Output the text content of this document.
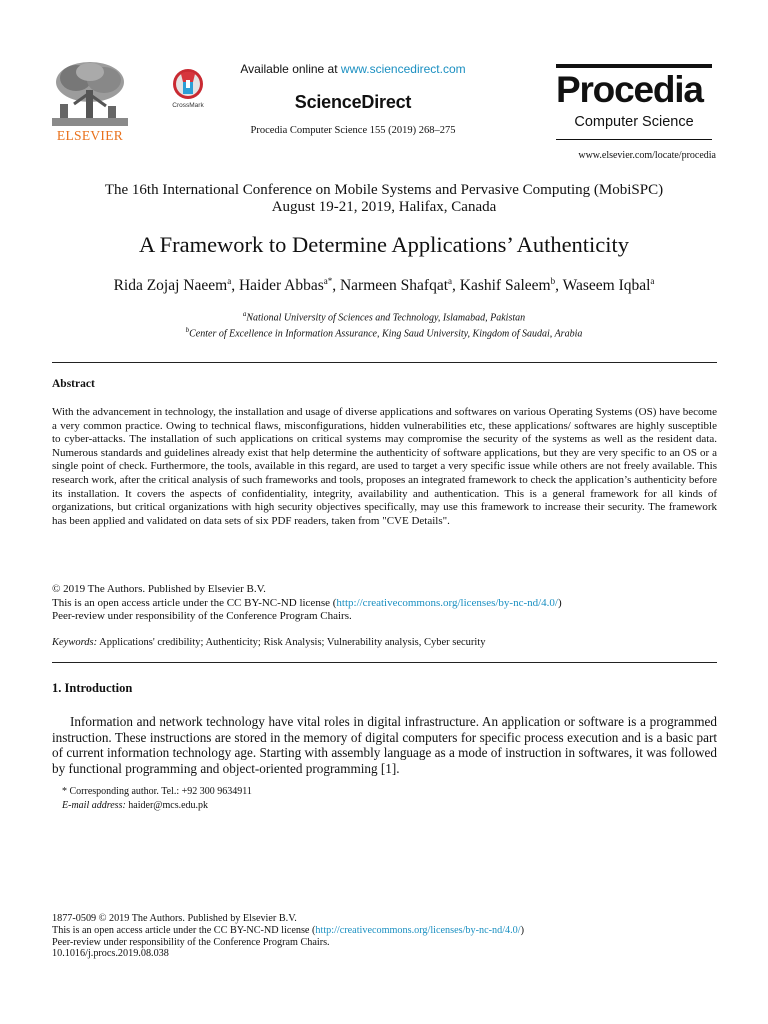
ELSEVIER
CrossMark
Available online at www.sciencedirect.com
ScienceDirect
Procedia Computer Science 155 (2019) 268–275
Procedia
Computer Science
www.elsevier.com/locate/procedia
The 16th International Conference on Mobile Systems and Pervasive Computing (MobiSPC)
August 19-21, 2019, Halifax, Canada
A Framework to Determine Applications’ Authenticity
Rida Zojaj Naeem$^a$, Haider Abbas$^{a*}$, Narmeen Shafqat$^a$, Kashif Saleem$^b$, Waseem Iqbal$^a$
$^a$National University of Sciences and Technology, Islamabad, Pakistan
$^b$Center of Excellence in Information Assurance, King Saud University, Kingdom of Saudai, Arabia
Abstract
With the advancement in technology, the installation and usage of diverse applications and softwares on various Operating Systems (OS) have become a very common practice. Owing to technical flaws, misconfigurations, hidden vulnerabilities etc, these applications/ softwares are highly susceptible to cyber-attacks. The installation of such applications on critical systems may compromise the security of the systems as well as the resident data. Numerous standards and guidelines already exist that help determine the authenticity of software applications, but they are very specific to an OS or a single point of check. Furthermore, the tools, available in this regard, are used to target a very specific issue while others are not freely available. This research work, after the critical analysis of such frameworks and tools, proposes an integrated framework to check the application’s authenticity before its installation. It covers the aspects of confidentiality, integrity, availability and authentication. This is a general framework for all kinds of organizations, but critical organizations with high security objectives specifically, may use this framework to increase their security. The framework has been applied and validated on data sets of six PDF readers, taken from "CVE Details".
© 2019 The Authors. Published by Elsevier B.V.
This is an open access article under the CC BY-NC-ND license (http://creativecommons.org/licenses/by-nc-nd/4.0/)
Peer-review under responsibility of the Conference Program Chairs.
Keywords: Applications' credibility; Authenticity; Risk Analysis; Vulnerability analysis, Cyber security
1. Introduction
Information and network technology have vital roles in digital infrastructure. An application or software is a programmed instruction. These instructions are stored in the memory of digital computers for specific process execution and is a basic part of current information technology age. Starting with assembly language as a mode of instruction in softwares, it was followed by functional programming and object-oriented programming [1].
* Corresponding author. Tel.: +92 300 9634911
E-mail address: haider@mcs.edu.pk
1877-0509 © 2019 The Authors. Published by Elsevier B.V.
This is an open access article under the CC BY-NC-ND license (http://creativecommons.org/licenses/by-nc-nd/4.0/)
Peer-review under responsibility of the Conference Program Chairs.
10.1016/j.procs.2019.08.038
